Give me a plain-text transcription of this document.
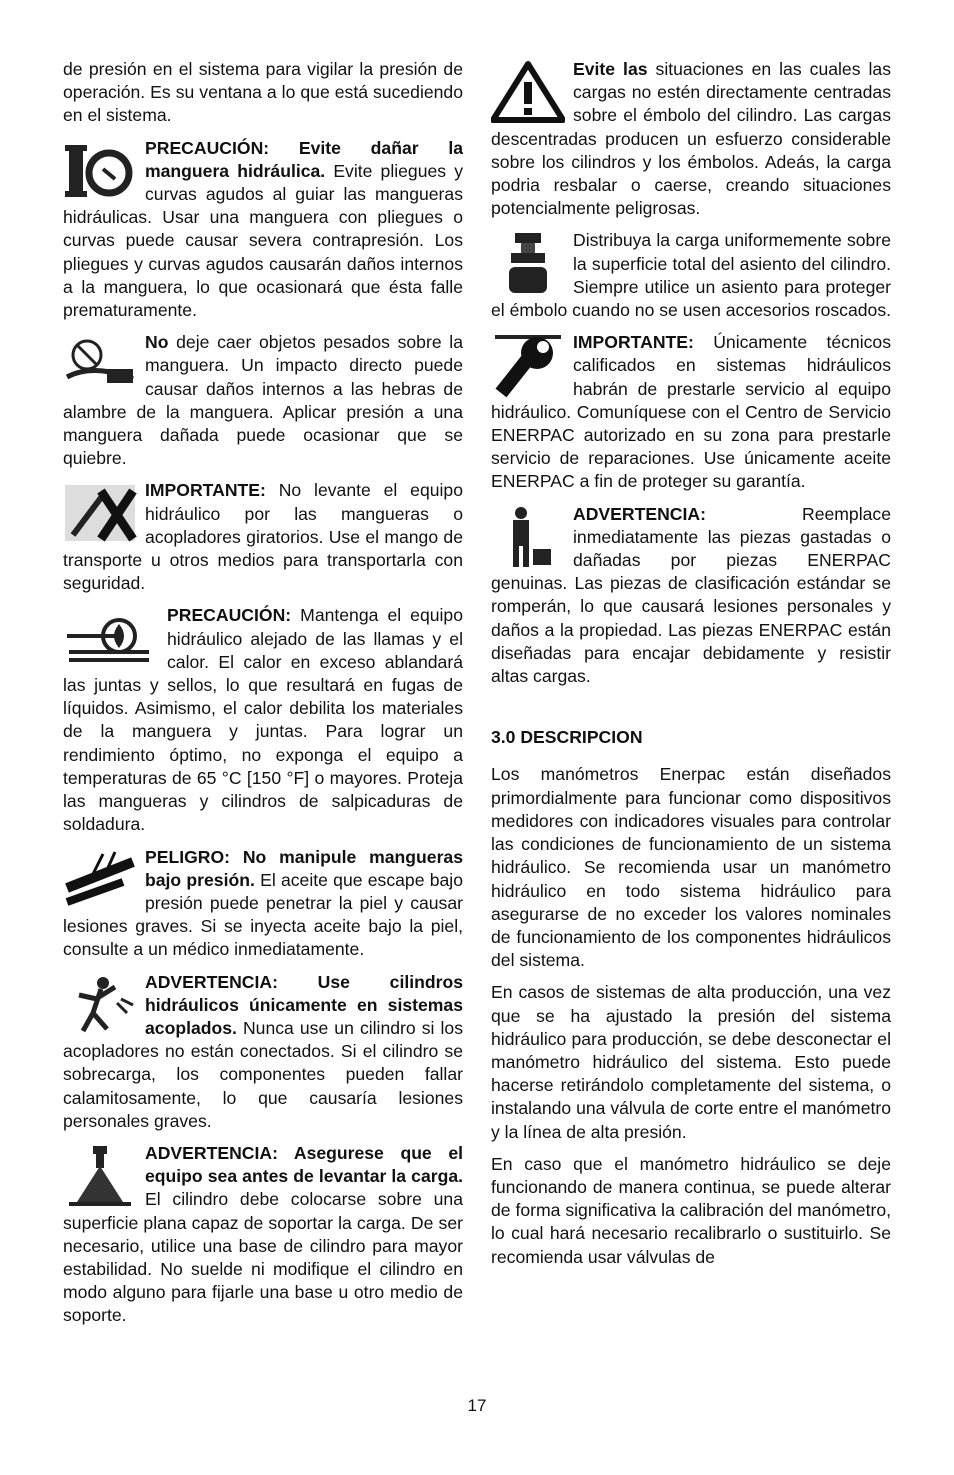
de presión en el sistema para vigilar la presión de operación. Es su ventana a lo que está sucediendo en el sistema.

PRECAUCIÓN: Evite dañar la manguera hidráulica. Evite pliegues y curvas agudos al guiar las mangueras hidráulicas. Usar una manguera con pliegues o curvas puede causar severa contrapresión. Los pliegues y curvas agudos causarán daños internos a la manguera, lo que ocasionará que ésta falle prematuramente.

No deje caer objetos pesados sobre la manguera. Un impacto directo puede causar daños internos a las hebras de alambre de la manguera. Aplicar presión a una manguera dañada puede ocasionar que se quiebre.

IMPORTANTE: No levante el equipo hidráulico por las mangueras o acopladores giratorios. Use el mango de transporte u otros medios para transportarla con seguridad.

PRECAUCIÓN: Mantenga el equipo hidráulico alejado de las llamas y el calor. El calor en exceso ablandará las juntas y sellos, lo que resultará en fugas de líquidos. Asimismo, el calor debilita los materiales de la manguera y juntas. Para lograr un rendimiento óptimo, no exponga el equipo a temperaturas de 65 °C [150 °F] o mayores. Proteja las mangueras y cilindros de salpicaduras de soldadura.

PELIGRO: No manipule mangueras bajo presión. El aceite que escape bajo presión puede penetrar la piel y causar lesiones graves. Si se inyecta aceite bajo la piel, consulte a un médico inmediatamente.

ADVERTENCIA: Use cilindros hidráulicos únicamente en sistemas acoplados. Nunca use un cilindro si los acopladores no están conectados. Si el cilindro se sobrecarga, los componentes pueden fallar calamitosamente, lo que causaría lesiones personales graves.

ADVERTENCIA: Asegurese que el equipo sea antes de levantar la carga. El cilindro debe colocarse sobre una superficie plana capaz de soportar la carga. De ser necesario, utilice una base de cilindro para mayor estabilidad. No suelde ni modifique el cilindro en modo alguno para fijarle una base u otro medio de soporte.

Evite las situaciones en las cuales las cargas no estén directamente centradas sobre el émbolo del cilindro. Las cargas descentradas producen un esfuerzo considerable sobre los cilindros y los émbolos. Adeás, la carga podria resbalar o caerse, creando situaciones potencialmente peligrosas.

Distribuya la carga uniformemente sobre la superficie total del asiento del cilindro. Siempre utilice un asiento para proteger el émbolo cuando no se usen accesorios roscados.

IMPORTANTE: Únicamente técnicos calificados en sistemas hidráulicos habrán de prestarle servicio al equipo hidráulico. Comuníquese con el Centro de Servicio ENERPAC autorizado en su zona para prestarle servicio de reparaciones. Use únicamente aceite ENERPAC a fin de proteger su garantía.

ADVERTENCIA: Reemplace inmediatamente las piezas gastadas o dañadas por piezas ENERPAC genuinas. Las piezas de clasificación estándar se romperán, lo que causará lesiones personales y daños a la propiedad. Las piezas ENERPAC están diseñadas para encajar debidamente y resistir altas cargas.

3.0 DESCRIPCION

Los manómetros Enerpac están diseñados primordialmente para funcionar como dispositivos medidores con indicadores visuales para controlar las condiciones de funcionamiento de un sistema hidráulico. Se recomienda usar un manómetro hidráulico en todo sistema hidráulico para asegurarse de no exceder los valores nominales de funcionamiento de los componentes hidráulicos del sistema.

En casos de sistemas de alta producción, una vez que se ha ajustado la presión del sistema hidráulico para producción, se debe desconectar el manómetro hidráulico del sistema. Esto puede hacerse retirándolo completamente del sistema, o instalando una válvula de corte entre el manómetro y la línea de alta presión.

En caso que el manómetro hidráulico se deje funcionando de manera continua, se puede alterar de forma significativa la calibración del manómetro, lo cual hará necesario recalibrarlo o sustituirlo. Se recomienda usar válvulas de

17
